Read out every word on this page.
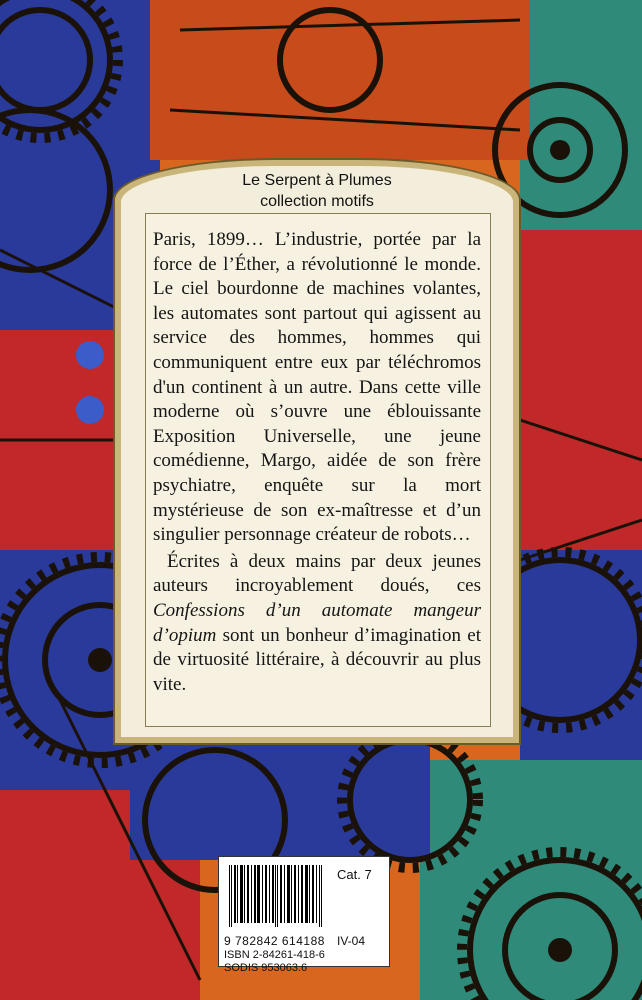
Le Serpent à Plumes
collection motifs

Paris, 1899… L’industrie, portée par la force de l’Éther, a révolutionné le monde. Le ciel bourdonne de machines volantes, les automates sont partout qui agissent au service des hommes, hommes qui communiquent entre eux par téléchromos d'un continent à un autre. Dans cette ville moderne où s’ouvre une éblouissante Exposition Universelle, une jeune comédienne, Margo, aidée de son frère psychiatre, enquête sur la mort mystérieuse de son ex-maîtresse et d’un singulier personnage créateur de robots…

Écrites à deux mains par deux jeunes auteurs incroyablement doués, ces Confessions d’un automate mangeur d’opium sont un bonheur d’imagination et de virtuosité littéraire, à découvrir au plus vite.

Cat. 7
9 782842 614188 IV-04
ISBN 2-84261-418-6
SODIS 953063.6
